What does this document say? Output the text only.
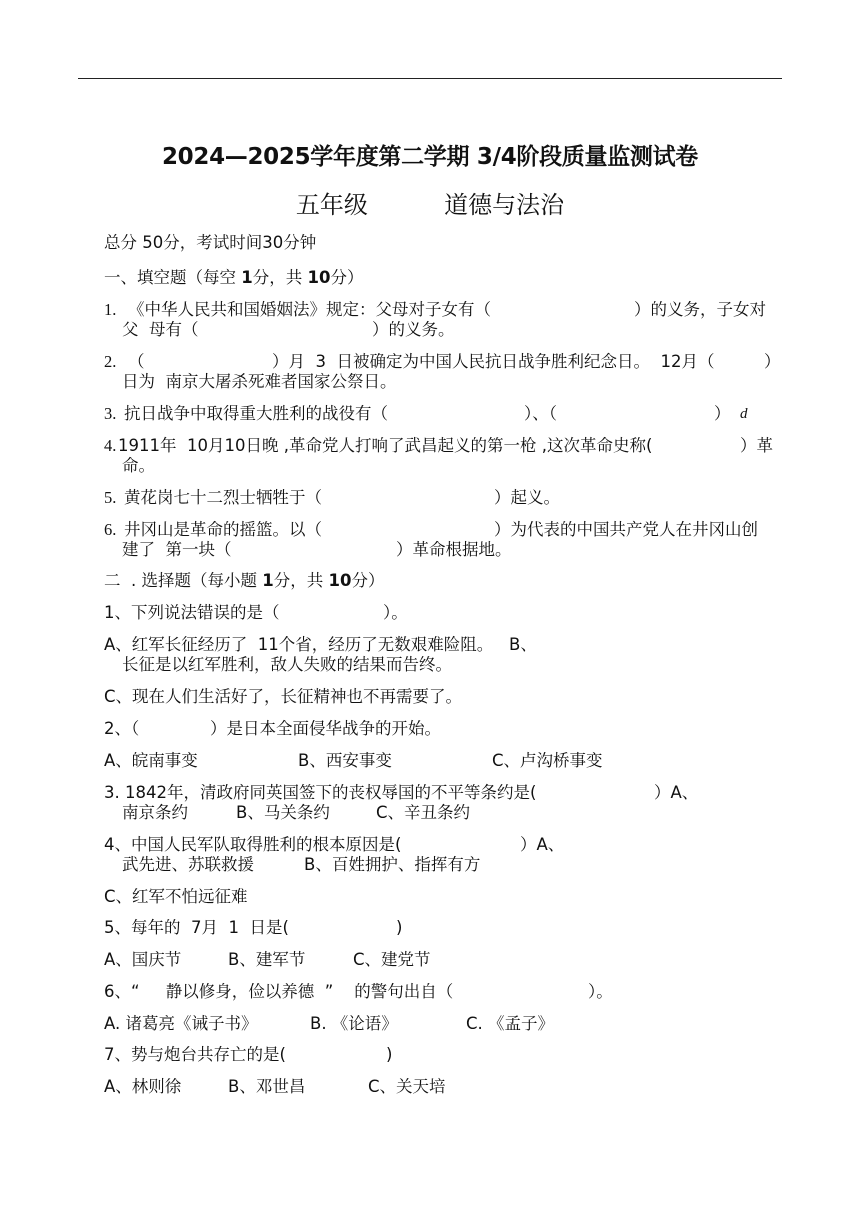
2024—2025学年度第二学期 3/4阶段质量监测试卷
五年级	道德与法治
总分 50分，考试时间30分钟
一、填空题（每空 1分，共 10分）
1. 《中华人民共和国婚姻法》规定：父母对子女有（	）的义务，子女对
父  母有（	）的义务。
2. （	）月  3  日被确定为中国人民抗日战争胜利纪念日。  12月（	）
日为  南京大屠杀死难者国家公祭日。
3. 抗日战争中取得重大胜利的战役有（	）、（	） d
4. 1911年  10月10日晚 ,革命党人打响了武昌起义的第一枪 ,这次革命史称(	）革
命。
5. 黄花岗七十二烈士牺牲于（	）起义。
6. 井冈山是革命的摇篮。以（	）为代表的中国共产党人在井冈山创
建了  第一块（	）革命根据地。
二  . 选择题（每小题 1分，共 10分）
1、下列说法错误的是（	）。
A、红军长征经历了  11个省，经历了无数艰难险阻。   B、
长征是以红军胜利，敌人失败的结果而告终。
C、现在人们生活好了，长征精神也不再需要了。
2、（	）是日本全面侵华战争的开始。
A、皖南事变	B、西安事变	C、卢沟桥事变
3. 1842年，清政府同英国签下的丧权辱国的不平等条约是(	）A、
南京条约	B、马关条约	C、辛丑条约
4、中国人民军队取得胜利的根本原因是(	）A、
武先进、苏联救援	B、百姓拥护、指挥有方
C、红军不怕远征难
5、每年的  7月  1  日是(	)
A、国庆节	B、建军节	C、建党节
6、“     静以修身，俭以养德  ”    的警句出自（	）。
A. 诸葛亮《诫子书》	B. 《论语》	C. 《孟子》
7、势与炮台共存亡的是(	)
A、林则徐	B、邓世昌	C、关天培
